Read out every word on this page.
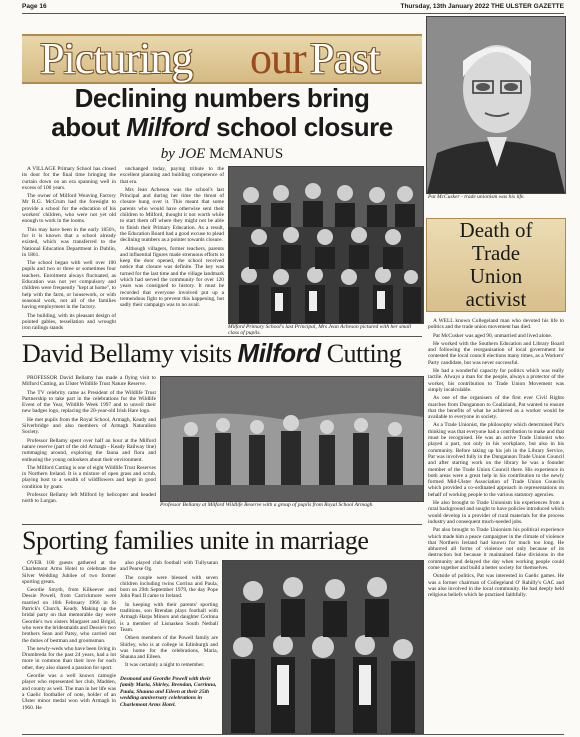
Page 16	Thursday, 13th January 2022 THE ULSTER GAZETTE
Picturing our Past
Declining numbers bring
about Milford school closure
by JOE McMANUS

A VILLAGE Primary School has closed its door for the final time bringing the curtain down on an era spanning well in excess of 100 years.

The owner of Milford Weaving Factory Mr R.G. McCrum had the foresight to provide a school for the education of his workers' children, who were not yet old enough to work in the looms.

This may have been in the early 1850's, for it is known that a school already existed, which was transferred to the National Education Department in Dublin, in 1861.

The school began with well over 100 pupils and two or three or sometimes four teachers. Enrolment always fluctuated, as Education was not yet compulsory and children were frequently "kept at home", to help with the farm, or housework, or with seasonal work, not all of the families having employment in the factory.

The building, with its pleasant design of pointed gables, tessellation and wrought iron railings stands

unchanged today, paying tribute to the excellent planning and building competence of that era.

Mrs Jean Acheson was the school's last Principal and during her time the threat of closure hung over it. This meant that some parents who would have otherwise sent their children to Milford, thought it not worth while to start them off where they might not be able to finish their Primary Education. As a result, the Education Board had a good excuse to plead declining numbers as a pointer towards closure.

Although villagers, former teachers, parents and influential figures made strenuous efforts to keep the door opened, the school received notice that closure was definite. The key was turned for the last time and the village landmark which had served the community for over 120 years was consigned to history. It must be recorded that everyone involved put up a tremendous fight to prevent this happening, but sadly their campaign was to no avail.

Milford Primary School's last Principal, Mrs Jean Acheson pictured with her small class of pupils.
Pat McCusker - trade unionism was his life.
Death of
Trade
Union
activist

A WELL known Collegeland man who devoted his life to politics and the trade union movement has died.

Pat McCusker was aged 90, unmarried and lived alone.

He worked with the Southern Education and Library Board and following the reorganisation of local government he contested the local council elections many times, as a Workers' Party candidate, but was never successful.

He had a wonderful capacity for politics which was really tactile. Always a man for the people, always a protector of the worker, his contribution to Trade Union Movement was simply incalculable.

As one of the organisers of the first ever Civil Rights marches from Dungannon to Coalisland, Pat wanted to ensure that the benefits of what he achieved as a worker would be available to everyone in society.

As a Trade Unionist, the philosophy which determined Pat's thinking was that everyone had a contribution to make and that must be recognised. He was an active Trade Unionist who played a part, not only in his workplace, but also in his community. Before taking up his job in the Library Service, Pat was involved fully in the Dungannon Trade Union Council and after starting work on the library he was a founder member of the Trade Union Council there. His experience in both areas were a great help in his contribution to the newly formed Mid-Ulster Association of Trade Union Councils which provided a co-ordinated approach in representations on behalf of working people to the various statutory agencies.

He also brought to Trade Unionism his experiences from a rural background and sought to have policies introduced which would develop in a provider of rural materials for the process industry and consequent much-needed jobs.

Pat also brought to Trade Unionism his political experience which made him a peace campaigner in the climate of violence that Northern Ireland had known for much too long. He abhorred all forms of violence not only because of its destruction but because it maintained false divisions in the community and delayed the day when working people could come together and build a better society for themselves.

Outside of politics, Pat was interested in Gaelic games. He was a former chairman of Collegeland O' Rahilly's GAC and was also involved in the local community. He had deeply held religious beliefs which he practised faithfully.

David Bellamy visits Milford Cutting

PROFESSOR David Bellamy has made a flying visit to Milford Cutting, an Ulster Wildlife Trust Nature Reserve.

The TV celebrity came as President of the Wildlife Trust Partnership to take part in the celebrations for the Wildlife Event of the Year, Wildlife Week 1997 and to unveil their new badges logo, replacing the 20-year-old Irish Hare logo.

He met pupils from the Royal School, Armagh, Keady and Silverbridge and also members of Armagh Naturalists Society.

Professor Bellamy spent over half an hour at the Milford nature reserve (part of the old Armagh - Keady Railway line) rummaging around, exploring the fauna and flora and enthusing the young onlookers about their environment.

The Milford Cutting is one of eight Wildlife Trust Reserves in Northern Ireland. It is a mixture of open grass and scrub, playing host to a wealth of wildflowers and kept in good condition by goats.

Professor Bellamy left Milford by helicopter and headed north to Lurgan.

Professor Bellamy at Milford Wildlife Reserve with a group of pupils from Royal School Armagh.
Sporting families unite in marriage

OVER 100 guests gathered at the Charlemont Arms Hotel to celebrate the Silver Wedding Jubilee of two former sporting greats.

Geordie Smyth, from Kilkeever and Dessie Powell, from Carrickmore were married on 16th February 1966 in St Patrick's Church, Keady. Making up the bridal party on that memorable day were Geordie's two sisters Margaret and Brigid, who were the bridesmaids and Dessie's two brothers Sean and Patsy, who carried out the duties of bestman and groomsman.

The newly-weds who have been living in Drumbreda for the past 24 years, had a lot more in common than their love for each other, they also shared a passion for sport.

Geordie was a well known camogie player who represented her club, Madden, and county as well. The man in her life was a Gaelic footballer of note, holder of an Ulster minor medal won with Armagh in 1960. He

also played club football with Tullysaran and Pearse Og.

The couple were blessed with seven children including twins Corrina and Paula, born on 29th September 1979, the day Pope John Paul II came to Ireland.

In keeping with their parents' sporting traditions, son Brendan plays football with Armagh Harps Minors and daughter Corinna is a member of Lisnaskea South Netball Team.

Others members of the Powell family are Shirley, who is at college in Edinburgh and was home for the celebrations, Maria, Shauna and Eileen.

It was certainly a night to remember.

Desmond and Geordie Powell with their family Maria, Shirley, Brendan, Corrinna, Paula, Shauna and Eileen at their 25th wedding anniversary celebrations in Charlemont Arms Hotel.
